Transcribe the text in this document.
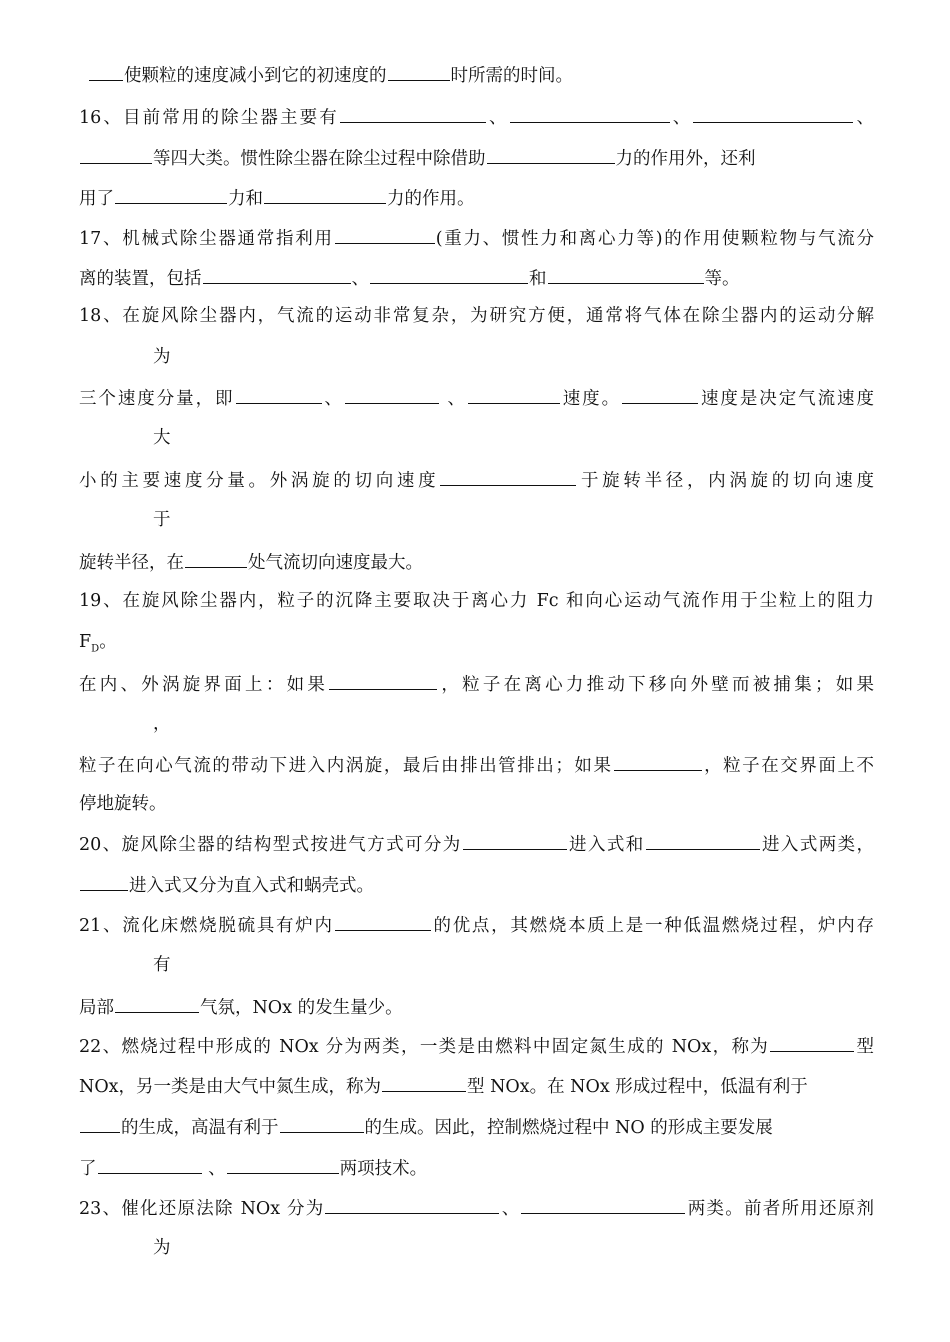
使颗粒的速度减小到它的初速度的	时所需的时间。
16、目前常用的除尘器主要有	、	、	、
等四大类。惯性除尘器在除尘过程中除借助	力的作用外，还利
用了	力和	力的作用。
17、机械式除尘器通常指利用	(重力、惯性力和离心力等)的作用使颗粒物与气流分
离的装置，包括	、	和	等。
18、在旋风除尘器内，气流的运动非常复杂，为研究方便，通常将气体在除尘器内的运动分解
为
三个速度分量，即	、	、	速度。	速度是决定气流速度
大
小的主要速度分量。外涡旋的切向速度	于旋转半径，内涡旋的切向速度
于
旋转半径，在	处气流切向速度最大。
19、在旋风除尘器内，粒子的沉降主要取决于离心力 Fc 和向心运动气流作用于尘粒上的阻力
$F_D$。
在内、外涡旋界面上：如果	，粒子在离心力推动下移向外壁而被捕集；如果
，
粒子在向心气流的带动下进入内涡旋，最后由排出管排出；如果	，粒子在交界面上不
停地旋转。
20、旋风除尘器的结构型式按进气方式可分为	进入式和	进入式两类，
进入式又分为直入式和蜗壳式。
21、流化床燃烧脱硫具有炉内	的优点，其燃烧本质上是一种低温燃烧过程，炉内存
有
局部	气氛，NOx 的发生量少。
22、燃烧过程中形成的 NOx 分为两类，一类是由燃料中固定氮生成的 NOx，称为	型
NOx，另一类是由大气中氮生成，称为	型 NOx。在 NOx 形成过程中，低温有利于
的生成，高温有利于	的生成。因此，控制燃烧过程中 NO 的形成主要发展
了	、	两项技术。
23、催化还原法除 NOx 分为	、	两类。前者所用还原剂
为
